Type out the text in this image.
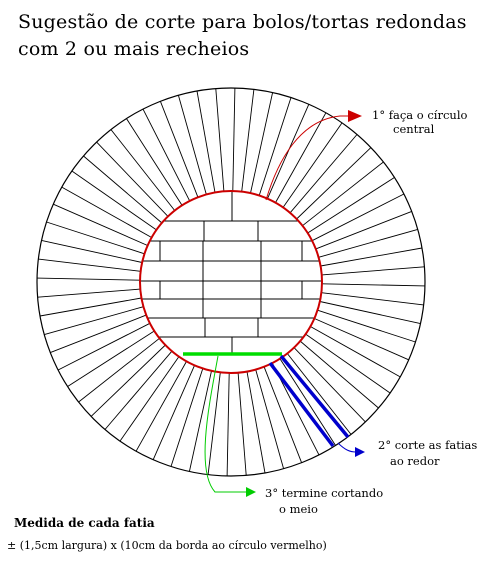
Sugestão de corte para bolos/tortas redondas
com 2 ou mais recheios
1° faça o círculo
central
2° corte as fatias
ao redor
3° termine cortando
o meio
Medida de cada fatia
± (1,5cm largura) x (10cm da borda ao círculo vermelho)
